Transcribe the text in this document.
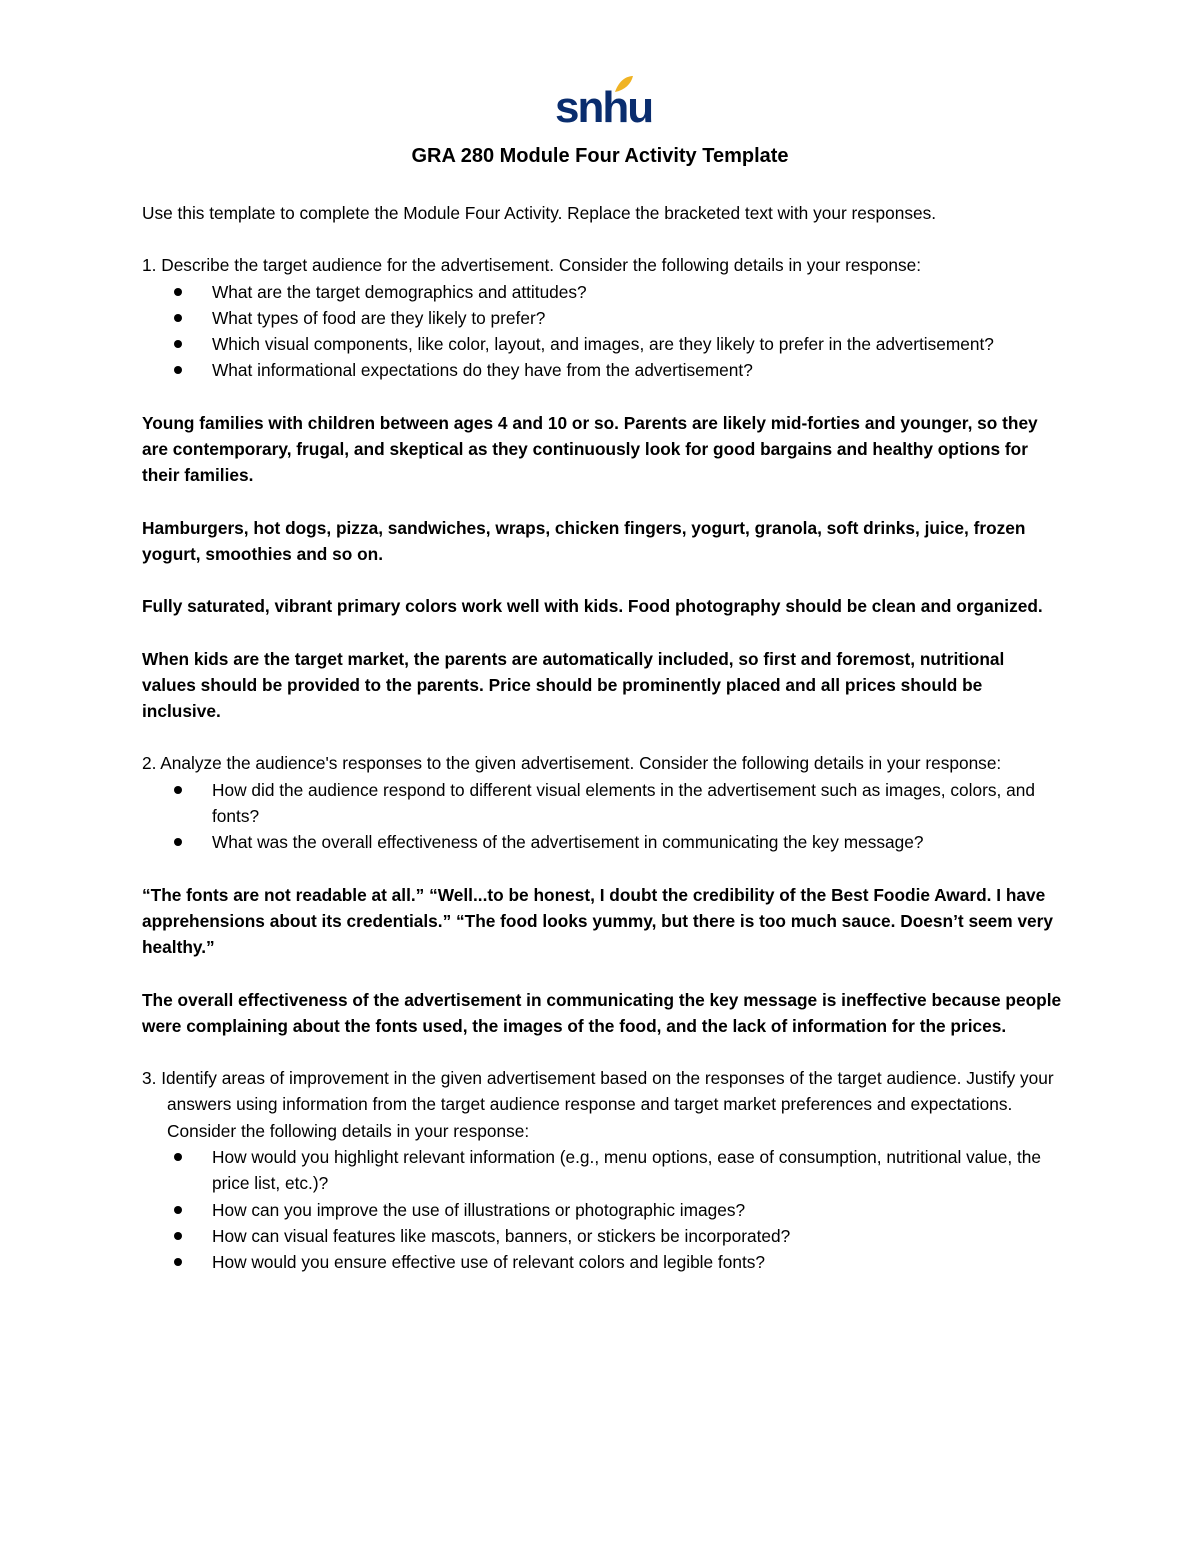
snhu
GRA 280 Module Four Activity Template

Use this template to complete the Module Four Activity. Replace the bracketed text with your responses.

1. Describe the target audience for the advertisement. Consider the following details in your response:

What are the target demographics and attitudes?
What types of food are they likely to prefer?
Which visual components, like color, layout, and images, are they likely to prefer in the advertisement?
What informational expectations do they have from the advertisement?

Young families with children between ages 4 and 10 or so. Parents are likely mid-forties and younger, so they are contemporary, frugal, and skeptical as they continuously look for good bargains and healthy options for their families.

Hamburgers, hot dogs, pizza, sandwiches, wraps, chicken fingers, yogurt, granola, soft drinks, juice, frozen yogurt, smoothies and so on.

Fully saturated, vibrant primary colors work well with kids. Food photography should be clean and organized.

When kids are the target market, the parents are automatically included, so first and foremost, nutritional values should be provided to the parents. Price should be prominently placed and all prices should be inclusive.

2. Analyze the audience's responses to the given advertisement. Consider the following details in your response:

How did the audience respond to different visual elements in the advertisement such as images, colors, and fonts?
What was the overall effectiveness of the advertisement in communicating the key message?

“The fonts are not readable at all.” “Well...to be honest, I doubt the credibility of the Best Foodie Award. I have apprehensions about its credentials.” “The food looks yummy, but there is too much sauce. Doesn’t seem very healthy.”

The overall effectiveness of the advertisement in communicating the key message is ineffective because people were complaining about the fonts used, the images of the food, and the lack of information for the prices.

3. Identify areas of improvement in the given advertisement based on the responses of the target audience. Justify your answers using information from the target audience response and target market preferences and expectations. Consider the following details in your response:

How would you highlight relevant information (e.g., menu options, ease of consumption, nutritional value, the price list, etc.)?
How can you improve the use of illustrations or photographic images?
How can visual features like mascots, banners, or stickers be incorporated?
How would you ensure effective use of relevant colors and legible fonts?
